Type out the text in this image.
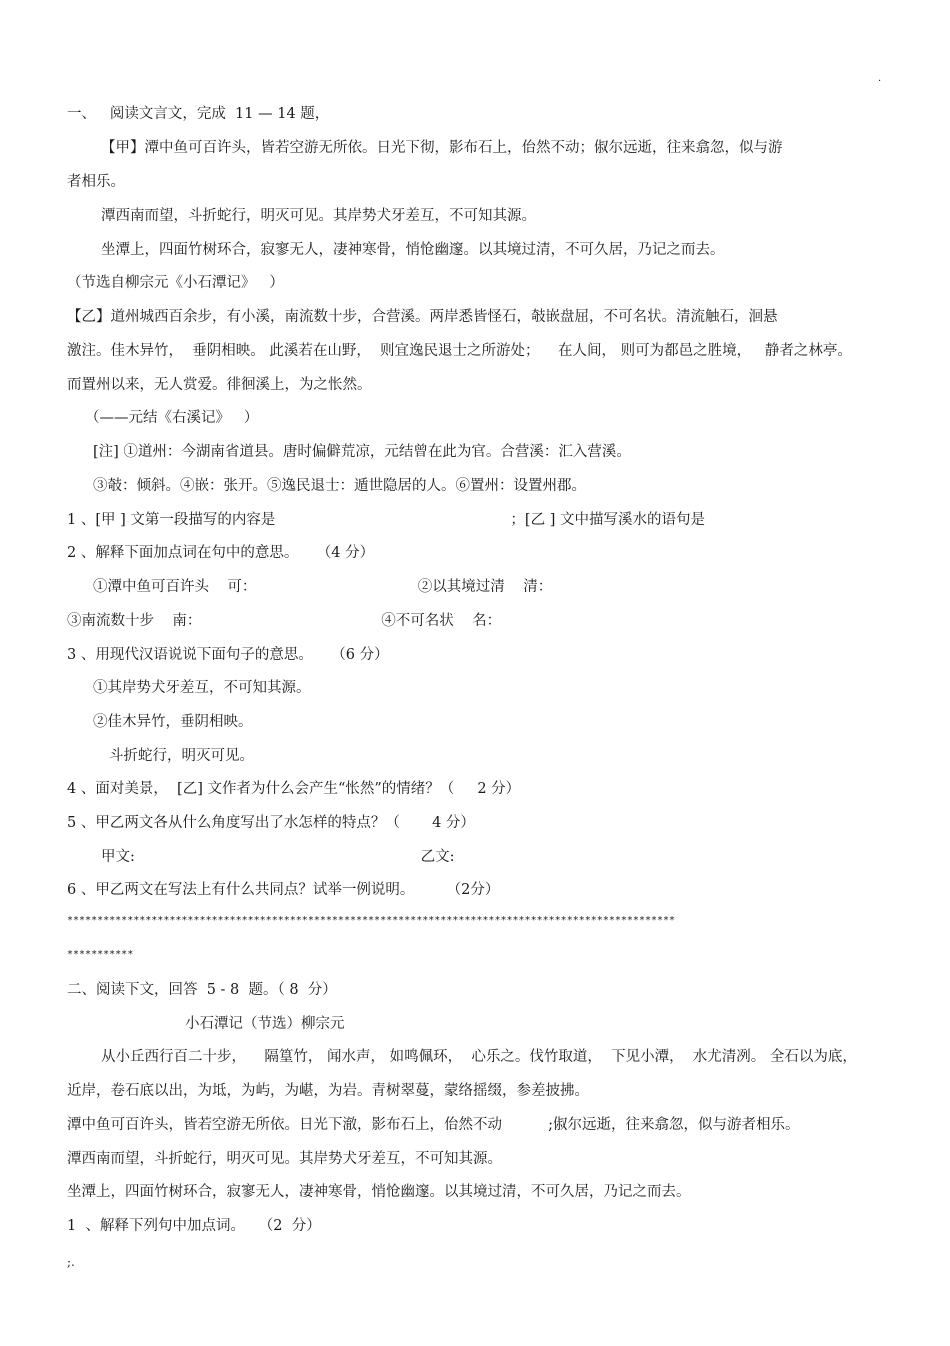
·
一、   阅读文言文，完成  11 — 14 题，
【甲】潭中鱼可百许头，皆若空游无所依。日光下彻，影布石上，佁然不动；俶尔远逝，往来翕忽，似与游
者相乐。
潭西南而望，斗折蛇行，明灭可见。其岸势犬牙差互，不可知其源。
坐潭上，四面竹树环合，寂寥无人，凄神寒骨，悄怆幽邃。以其境过清，不可久居，乃记之而去。
（节选自柳宗元《小石潭记》   ）
【乙】道州城西百余步，有小溪，南流数十步，合营溪。两岸悉皆怪石，攲嵌盘屈，不可名状。清流触石，洄悬
激注。佳木异竹，  垂阴相映。 此溪若在山野，  则宜逸民退士之所游处；    在人间， 则可为都邑之胜境，   静者之林亭。
而置州以来，无人赏爱。徘徊溪上，为之怅然。
（——元结《右溪记》   ）
[注] ①道州：今湖南省道县。唐时偏僻荒凉，元结曾在此为官。合营溪：汇入营溪。
③攲：倾斜。④嵌：张开。⑤逸民退士：遁世隐居的人。⑥置州：设置州郡。
1 、[甲 ] 文第一段描写的内容是                                                   ；[乙 ] 文中描写溪水的语句是
2 、解释下面加点词在句中的意思。    （4 分）
①潭中鱼可百许头    可：                                   ②以其境过清    清：
③南流数十步    南：                                       ④不可名状    名：
3 、用现代汉语说说下面句子的意思。    （6 分）
①其岸势犬牙差互，不可知其源。
②佳木异竹，垂阴相映。
斗折蛇行，明灭可见。
4 、面对美景，  [乙] 文作者为什么会产生“怅然”的情绪？（     2 分）
5 、甲乙两文各从什么角度写出了水怎样的特点？（       4 分）
甲文:                                                              乙文:
6 、甲乙两文在写法上有什么共同点？试举一例说明。       （2分）
*****************************************************************************************************
***********
二、阅读下文，回答  5 - 8  题。（ 8  分）
小石潭记（节选）柳宗元
从小丘西行百二十步，    隔篁竹， 闻水声， 如鸣佩环，  心乐之。伐竹取道，  下见小潭，  水尤清冽。 全石以为底，
近岸，卷石底以出，为坻，为屿，为嵁，为岩。青树翠蔓，蒙络摇缀，参差披拂。
潭中鱼可百许头，皆若空游无所依。日光下澈，影布石上，佁然不动          ;俶尔远逝，往来翕忽，似与游者相乐。
潭西南而望，斗折蛇行，明灭可见。其岸势犬牙差互，不可知其源。
坐潭上，四面竹树环合，寂寥无人，凄神寒骨，悄怆幽邃。以其境过清，不可久居，乃记之而去。
1  、解释下列句中加点词。   （2  分）
;.
